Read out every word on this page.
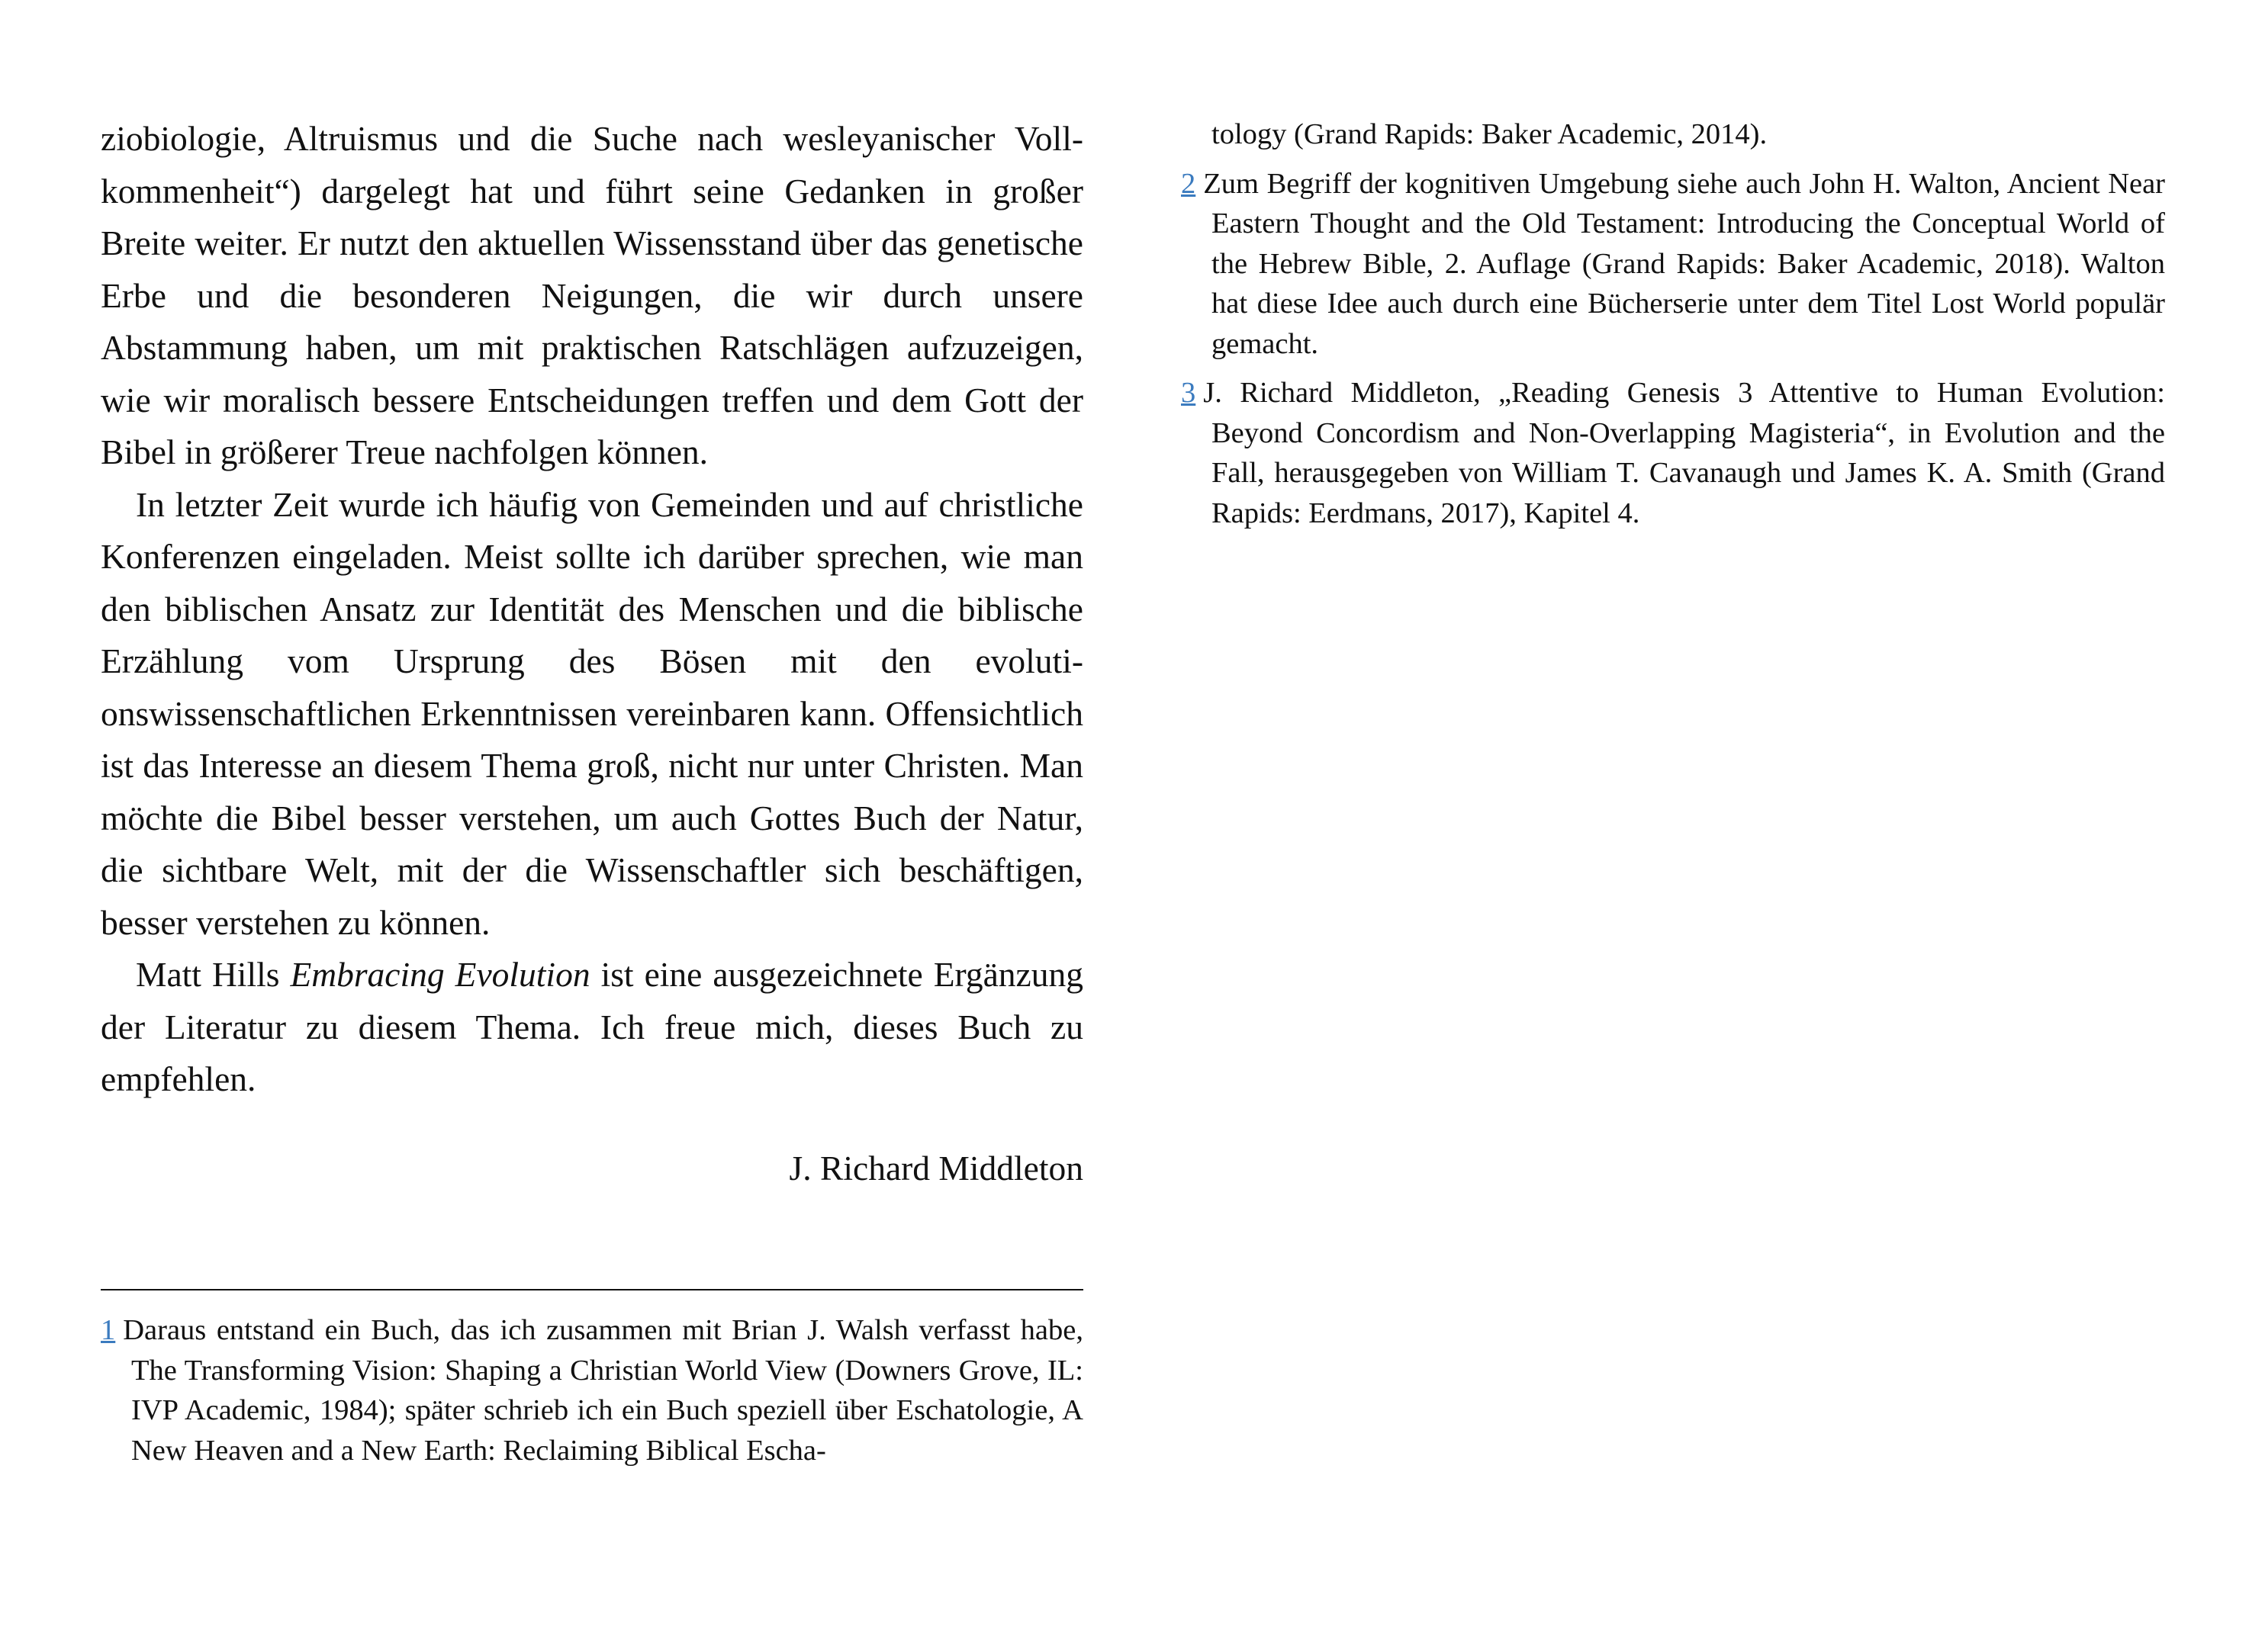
ziobiologie, Altruismus und die Suche nach wesleyanischer Vollkommenheit“) dargelegt hat und führt seine Gedanken in großer Breite weiter. Er nutzt den aktuellen Wissensstand über das genetische Erbe und die besonderen Neigungen, die wir durch unsere Abstammung haben, um mit praktischen Ratschlägen aufzuzeigen, wie wir moralisch bessere Entscheidungen treffen und dem Gott der Bibel in größerer Treue nachfolgen können.

In letzter Zeit wurde ich häufig von Gemeinden und auf christliche Konferenzen eingeladen. Meist sollte ich darüber sprechen, wie man den biblischen Ansatz zur Identität des Menschen und die biblische Erzählung vom Ursprung des Bösen mit den evolutionswissenschaftlichen Erkenntnissen vereinbaren kann. Offensichtlich ist das Interesse an diesem Thema groß, nicht nur unter Christen. Man möchte die Bibel besser verstehen, um auch Gottes Buch der Natur, die sichtbare Welt, mit der die Wissenschaftler sich beschäftigen, besser verstehen zu können.

Matt Hills Embracing Evolution ist eine ausgezeichnete Ergänzung der Literatur zu diesem Thema. Ich freue mich, dieses Buch zu empfehlen.

J. Richard Middleton

1 Daraus entstand ein Buch, das ich zusammen mit Brian J. Walsh verfasst habe, The Transforming Vision: Shaping a Christian World View (Downers Grove, IL: IVP Academic, 1984); später schrieb ich ein Buch speziell über Eschatologie, A New Heaven and a New Earth: Reclaiming Biblical Escha-

tology (Grand Rapids: Baker Academic, 2014).

2 Zum Begriff der kognitiven Umgebung siehe auch John H. Walton, Ancient Near Eastern Thought and the Old Testament: Introducing the Conceptual World of the Hebrew Bible, 2. Auflage (Grand Rapids: Baker Academic, 2018). Walton hat diese Idee auch durch eine Bücherserie unter dem Titel Lost World populär gemacht.

3 J. Richard Middleton, „Reading Genesis 3 Attentive to Human Evolution: Beyond Concordism and Non-Overlapping Magisteria“, in Evolution and the Fall, herausgegeben von William T. Cavanaugh und James K. A. Smith (Grand Rapids: Eerdmans, 2017), Kapitel 4.
